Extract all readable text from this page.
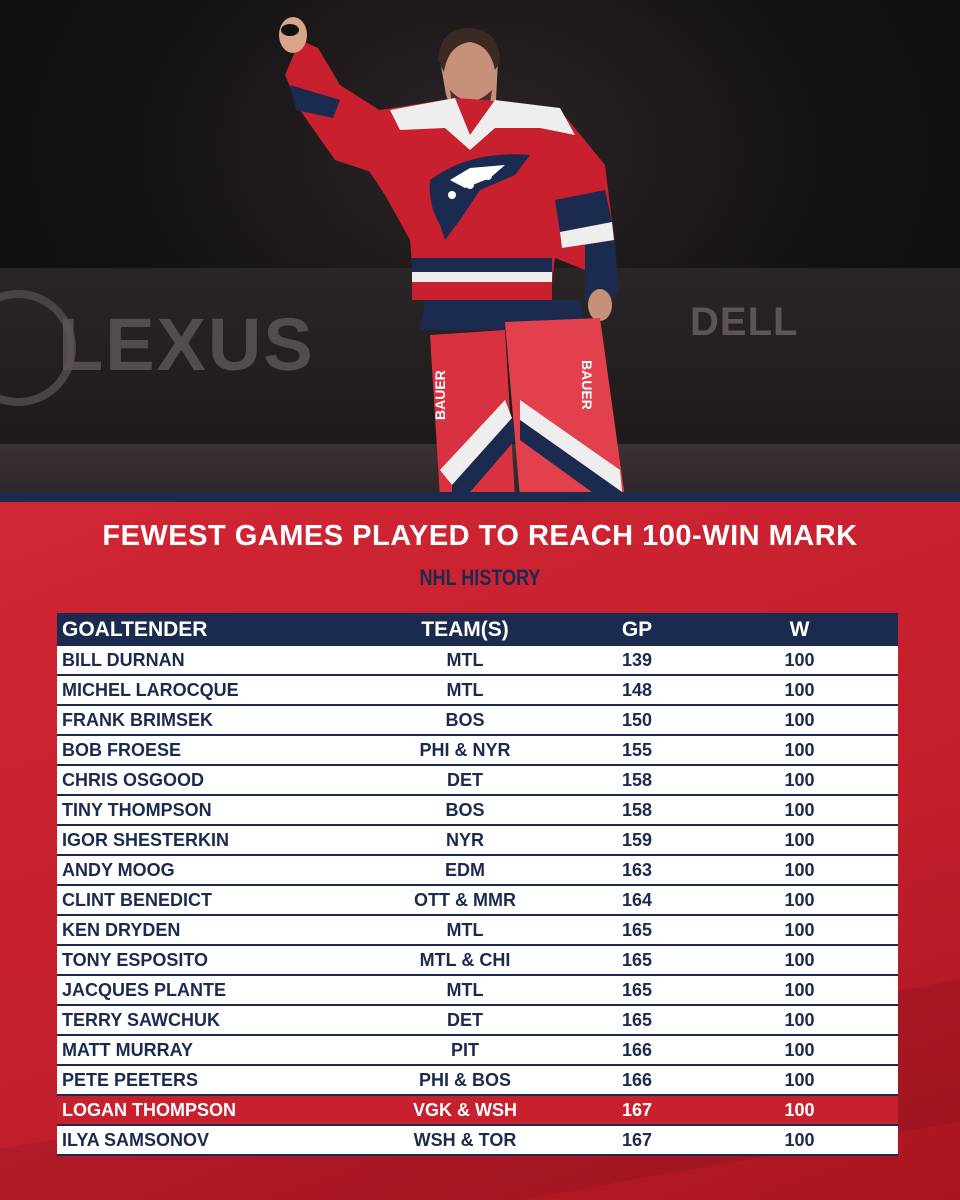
LEXUS	DELL
BAUER	BAUER
FEWEST GAMES PLAYED TO REACH 100-WIN MARK
NHL HISTORY
GOALTENDER	TEAM(S)	GP	W
BILL DURNAN	MTL	139	100
MICHEL LAROCQUE	MTL	148	100
FRANK BRIMSEK	BOS	150	100
BOB FROESE	PHI & NYR	155	100
CHRIS OSGOOD	DET	158	100
TINY THOMPSON	BOS	158	100
IGOR SHESTERKIN	NYR	159	100
ANDY MOOG	EDM	163	100
CLINT BENEDICT	OTT & MMR	164	100
KEN DRYDEN	MTL	165	100
TONY ESPOSITO	MTL & CHI	165	100
JACQUES PLANTE	MTL	165	100
TERRY SAWCHUK	DET	165	100
MATT MURRAY	PIT	166	100
PETE PEETERS	PHI & BOS	166	100
LOGAN THOMPSON	VGK & WSH	167	100
ILYA SAMSONOV	WSH & TOR	167	100
